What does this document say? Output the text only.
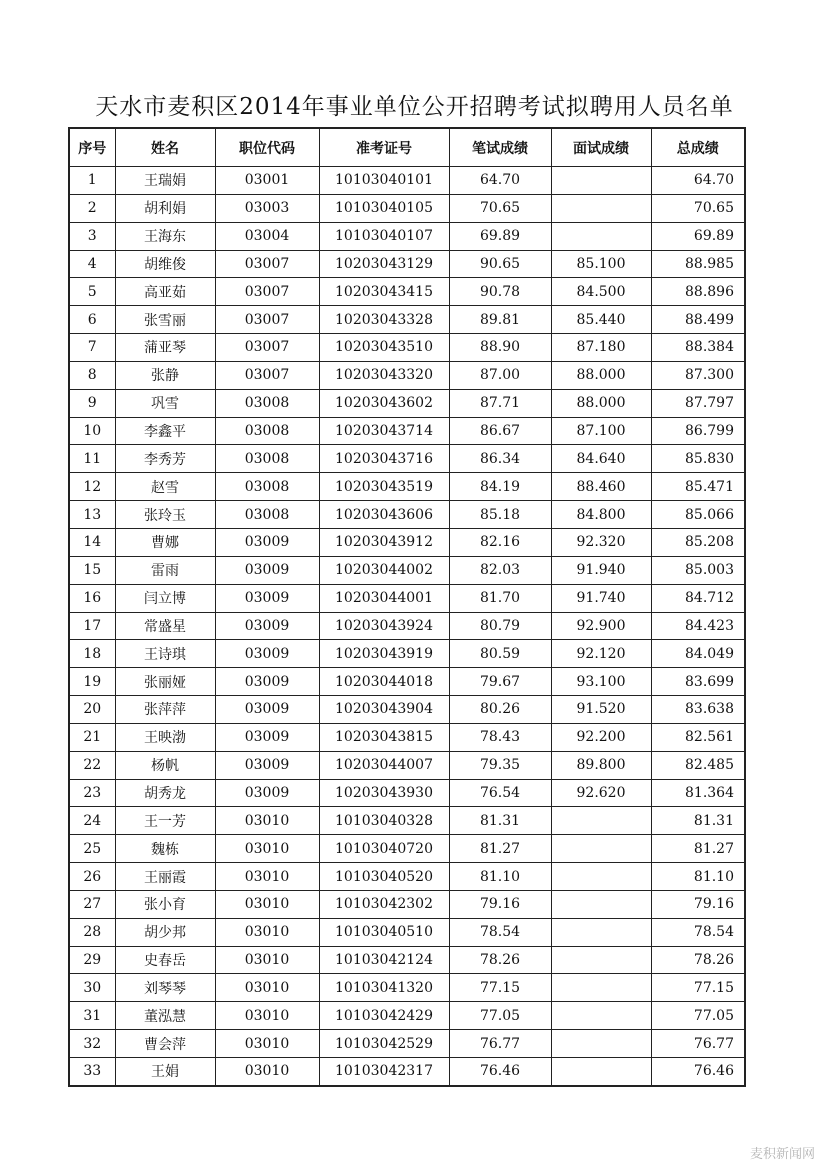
天水市麦积区2014年事业单位公开招聘考试拟聘用人员名单
序号	姓名	职位代码	准考证号	笔试成绩	面试成绩	总成绩
1	王瑞娟	03001	10103040101	64.70		64.70
2	胡利娟	03003	10103040105	70.65		70.65
3	王海东	03004	10103040107	69.89		69.89
4	胡维俊	03007	10203043129	90.65	85.100	88.985
5	高亚茹	03007	10203043415	90.78	84.500	88.896
6	张雪丽	03007	10203043328	89.81	85.440	88.499
7	蒲亚琴	03007	10203043510	88.90	87.180	88.384
8	张静	03007	10203043320	87.00	88.000	87.300
9	巩雪	03008	10203043602	87.71	88.000	87.797
10	李鑫平	03008	10203043714	86.67	87.100	86.799
11	李秀芳	03008	10203043716	86.34	84.640	85.830
12	赵雪	03008	10203043519	84.19	88.460	85.471
13	张玲玉	03008	10203043606	85.18	84.800	85.066
14	曹娜	03009	10203043912	82.16	92.320	85.208
15	雷雨	03009	10203044002	82.03	91.940	85.003
16	闫立博	03009	10203044001	81.70	91.740	84.712
17	常盛星	03009	10203043924	80.79	92.900	84.423
18	王诗琪	03009	10203043919	80.59	92.120	84.049
19	张丽娅	03009	10203044018	79.67	93.100	83.699
20	张萍萍	03009	10203043904	80.26	91.520	83.638
21	王映渤	03009	10203043815	78.43	92.200	82.561
22	杨帆	03009	10203044007	79.35	89.800	82.485
23	胡秀龙	03009	10203043930	76.54	92.620	81.364
24	王一芳	03010	10103040328	81.31		81.31
25	魏栋	03010	10103040720	81.27		81.27
26	王丽霞	03010	10103040520	81.10		81.10
27	张小育	03010	10103042302	79.16		79.16
28	胡少邦	03010	10103040510	78.54		78.54
29	史春岳	03010	10103042124	78.26		78.26
30	刘琴琴	03010	10103041320	77.15		77.15
31	董泓慧	03010	10103042429	77.05		77.05
32	曹会萍	03010	10103042529	76.77		76.77
33	王娟	03010	10103042317	76.46		76.46
麦积新闻网
